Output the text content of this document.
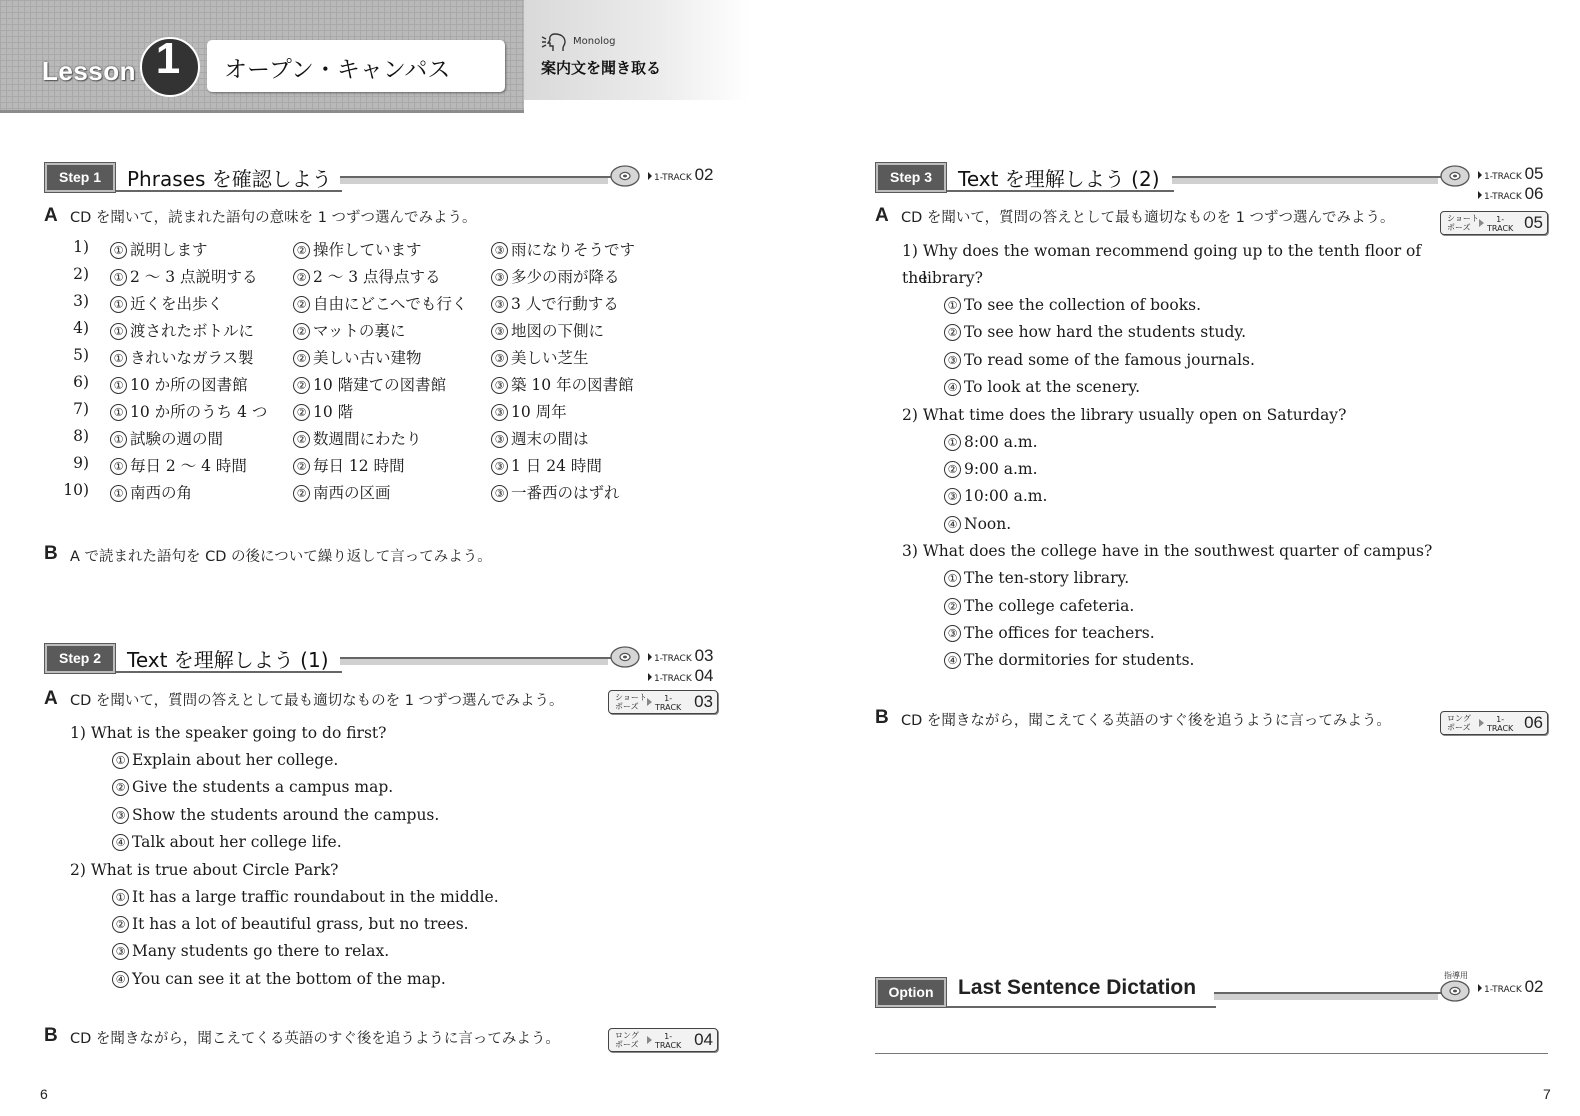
Lesson 1	オープン・キャンパス
Monolog
案内文を聞き取る
Step 1	Phrases を確認しよう	1-TRACK 02
A CD を聞いて，読まれた語句の意味を 1 つずつ選んでみよう。
1)	① 説明します	② 操作しています	③ 雨になりそうです
2)	① 2 ～ 3 点説明する	② 2 ～ 3 点得点する	③ 多少の雨が降る
3)	① 近くを出歩く	② 自由にどこへでも行く	③ 3 人で行動する
4)	① 渡されたボトルに	② マットの裏に	③ 地図の下側に
5)	① きれいなガラス製	② 美しい古い建物	③ 美しい芝生
6)	① 10 か所の図書館	② 10 階建ての図書館	③ 築 10 年の図書館
7)	① 10 か所のうち 4 つ	② 10 階	③ 10 周年
8)	① 試験の週の間	② 数週間にわたり	③ 週末の間は
9)	① 毎日 2 ～ 4 時間	② 毎日 12 時間	③ 1 日 24 時間
10)	① 南西の角	② 南西の区画	③ 一番西のはずれ
B A で読まれた語句を CD の後について繰り返して言ってみよう。
Step 2	Text を理解しよう (1)	1-TRACK 03
1-TRACK 04
A CD を聞いて，質問の答えとして最も適切なものを 1 つずつ選んでみよう。	ショート
ポーズ
1-
TRACK 03
1) What is the speaker going to do first?
① Explain about her college.
② Give the students a campus map.
③ Show the students around the campus.
④ Talk about her college life.
2) What is true about Circle Park?
① It has a large traffic roundabout in the middle.
② It has a lot of beautiful grass, but no trees.
③ Many students go there to relax.
④ You can see it at the bottom of the map.
B CD を聞きながら，聞こえてくる英語のすぐ後を追うように言ってみよう。	ロング
ポーズ
1-
TRACK 04
6
Step 3	Text を理解しよう (2)	1-TRACK 05
1-TRACK 06
A CD を聞いて，質問の答えとして最も適切なものを 1 つずつ選んでみよう。	ショート
ポーズ
1-
TRACK 05
1) Why does the woman recommend going up to the tenth floor of the
library?
① To see the collection of books.
② To see how hard the students study.
③ To read some of the famous journals.
④ To look at the scenery.
2) What time does the library usually open on Saturday?
① 8:00 a.m.
② 9:00 a.m.
③ 10:00 a.m.
④ Noon.
3) What does the college have in the southwest quarter of campus?
① The ten-story library.
② The college cafeteria.
③ The offices for teachers.
④ The dormitories for students.
B CD を聞きながら，聞こえてくる英語のすぐ後を追うように言ってみよう。	ロング
ポーズ
1-
TRACK 06
Option	Last Sentence Dictation
指導用
1-TRACK 02
7
